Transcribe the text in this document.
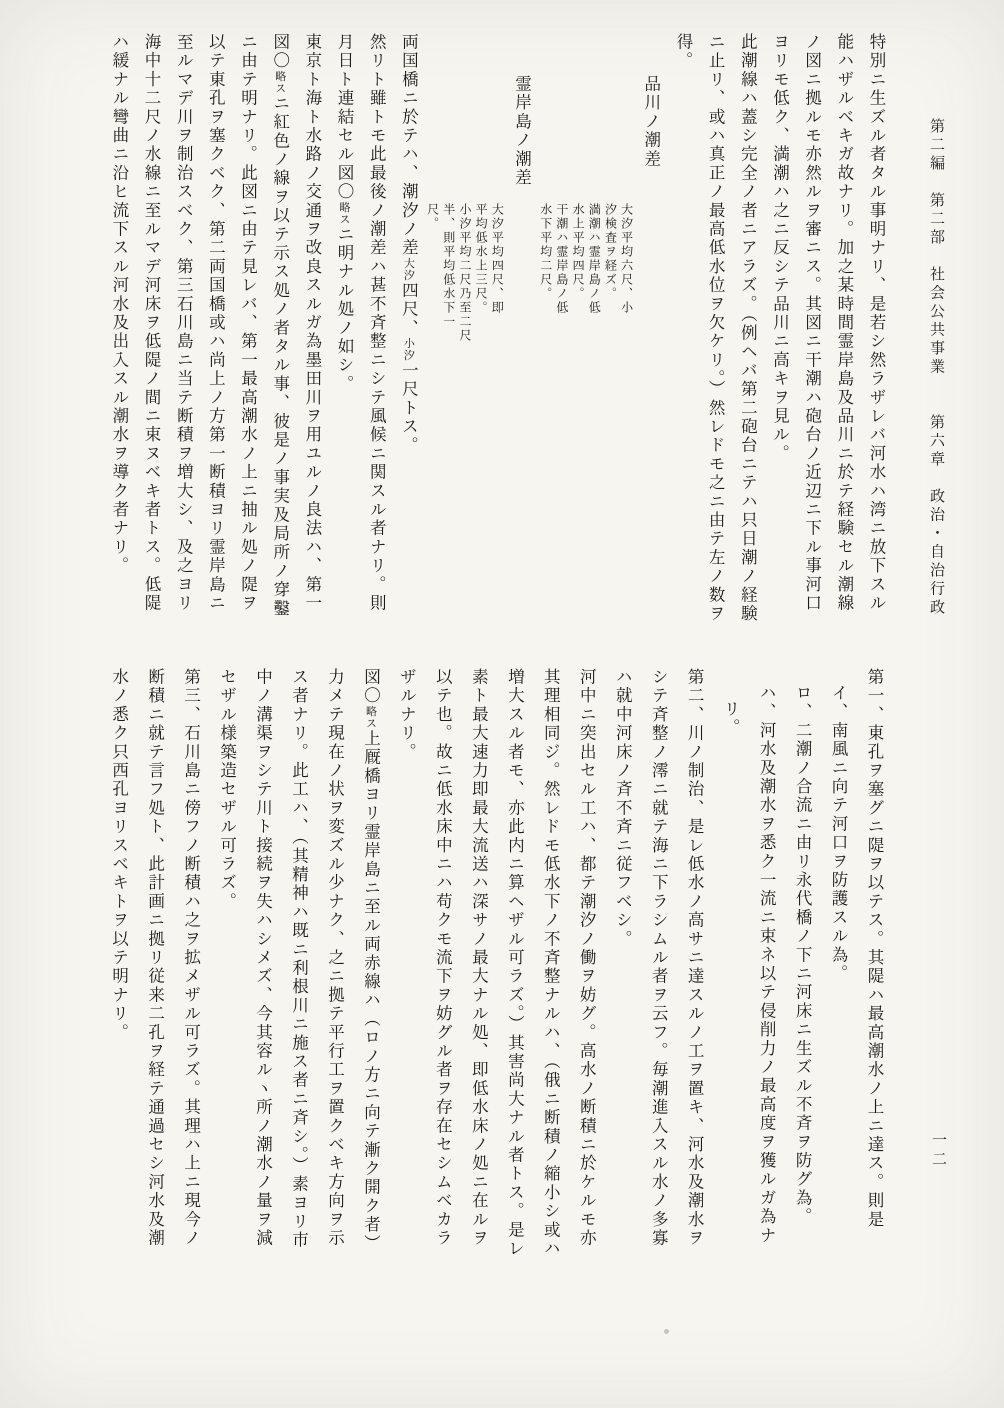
第二編　第二部　社会公共事業　　第六章　政治・自治行政
特別ニ生ズル者タル事明ナリ、是若シ然ラザレバ河水ハ湾ニ放下スル
能ハザルベキガ故ナリ。加之某時間霊岸島及品川ニ於テ経験セル潮線
ノ図ニ拠ルモ亦然ルヲ審ニス。其図ニ干潮ハ砲台ノ近辺ニ下ル事河口
ヨリモ低ク、満潮ハ之ニ反シテ品川ニ高キヲ見ル。
此潮線ハ蓋シ完全ノ者ニアラズ。（例ヘバ第二砲台ニテハ只日潮ノ経験
ニ止リ、或ハ真正ノ最高低水位ヲ欠ケリ。）然レドモ之ニ由テ左ノ数ヲ
得。
品川ノ潮差
大汐平均六尺、小汐検査ヲ経ズ。
満潮ハ霊岸島ノ低水上平均四尺。
干潮ハ霊岸島ノ低水下平均二尺。
霊岸島ノ潮差
大汐平均四尺、即平均低水上三尺。
小汐平均二尺乃至二尺半、則平均低水下一尺。
両国橋ニ於テハ、潮汐ノ差大汐四尺、小汐一尺トス。
然リト雖トモ此最後ノ潮差ハ甚不斉整ニシテ風候ニ関スル者ナリ。則
月日ト連結セル図〇略スニ明ナル処ノ如シ。
東京ト海ト水路ノ交通ヲ改良スルガ為墨田川ヲ用ユルノ良法ハ、第一
図〇略スニ紅色ノ線ヲ以テ示ス処ノ者タル事、彼是ノ事実及局所ノ穿鑿
ニ由テ明ナリ。此図ニ由テ見レバ、第一最高潮水ノ上ニ抽ル処ノ隄ヲ
以テ東孔ヲ塞クベク、第二両国橋或ハ尚上ノ方第一断積ヨリ霊岸島ニ
至ルマデ川ヲ制治スベク、第三石川島ニ当テ断積ヲ増大シ、及之ヨリ
海中十二尺ノ水線ニ至ルマデ河床ヲ低隄ノ間ニ束ヌベキ者トス。低隄
ハ緩ナル彎曲ニ沿ヒ流下スル河水及出入スル潮水ヲ導ク者ナリ。
第一、東孔ヲ塞グニ隄ヲ以テス。其隄ハ最高潮水ノ上ニ達ス。則是
イ、南風ニ向テ河口ヲ防護スル為。
ロ、二潮ノ合流ニ由リ永代橋ノ下ニ河床ニ生ズル不斉ヲ防グ為。
ハ、河水及潮水ヲ悉ク一流ニ束ネ以テ侵削力ノ最高度ヲ獲ルガ為ナ
リ。
第二、川ノ制治、是レ低水ノ高サニ達スルノ工ヲ置キ、河水及潮水ヲ
シテ斉整ノ澪ニ就テ海ニ下ラシムル者ヲ云フ。毎潮進入スル水ノ多寡
ハ就中河床ノ斉不斉ニ従フベシ。
河中ニ突出セル工ハ、都テ潮汐ノ働ヲ妨グ。高水ノ断積ニ於ケルモ亦
其理相同ジ。然レドモ低水下ノ不斉整ナルハ、（俄ニ断積ノ縮小シ或ハ
増大スル者モ、亦此内ニ算ヘザル可ラズ。）其害尚大ナル者トス。是レ
素ト最大速力即最大流送ハ深サノ最大ナル処、即低水床ノ処ニ在ルヲ
以テ也。故ニ低水床中ニハ苟クモ流下ヲ妨グル者ヲ存在セシムベカラ
ザルナリ。
図〇略ス上厩橋ヨリ霊岸島ニ至ル両赤線ハ（ロノ方ニ向テ漸ク開ク者）
力メテ現在ノ状ヲ変ズル少ナク、之ニ拠テ平行工ヲ置クベキ方向ヲ示
ス者ナリ。此工ハ、（其精神ハ既ニ利根川ニ施ス者ニ斉シ。）素ヨリ市
中ノ溝渠ヲシテ川ト接続ヲ失ハシメズ、今其容ルヽ所ノ潮水ノ量ヲ減
セザル様築造セザル可ラズ。
第三、石川島ニ傍フノ断積ハ之ヲ拡メザル可ラズ。其理ハ上ニ現今ノ
断積ニ就テ言フ処ト、此計画ニ拠リ従来二孔ヲ経テ通過セシ河水及潮
水ノ悉ク只西孔ヨリスベキトヲ以テ明ナリ。
一二
